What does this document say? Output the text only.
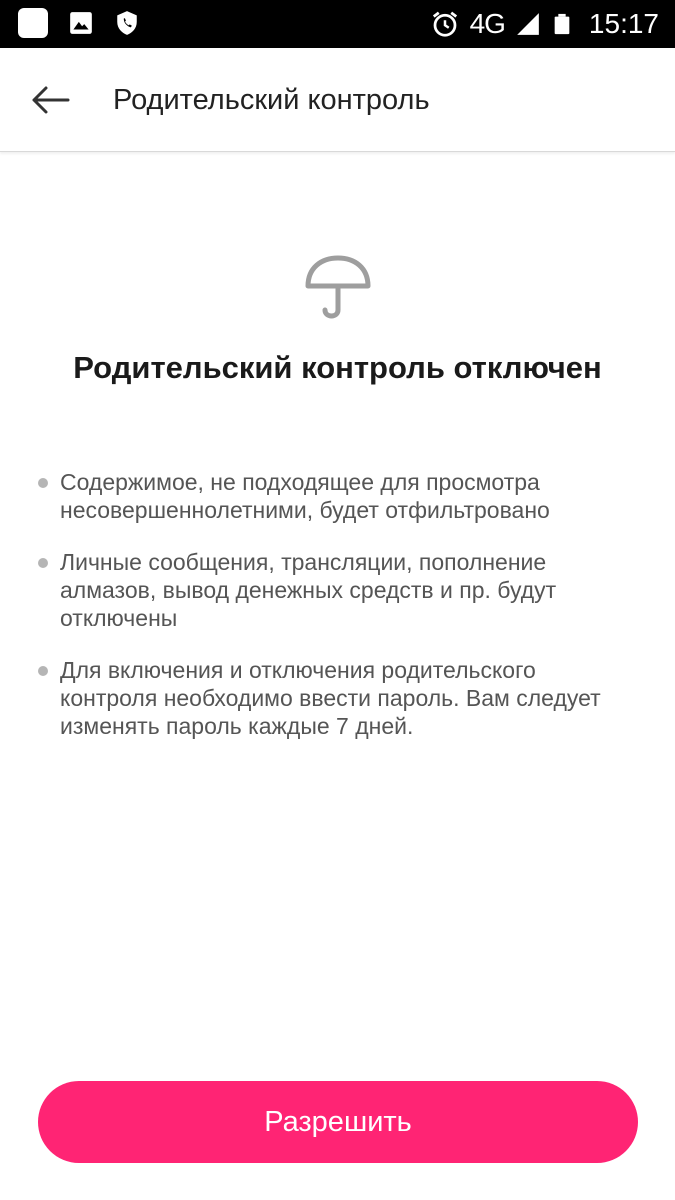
4G	15:17
Родительский контроль
Родительский контроль отключен
Содержимое, не подходящее для просмотра несовершеннолетними, будет отфильтровано
Личные сообщения, трансляции, пополнение алмазов, вывод денежных средств и пр. будут отключены
Для включения и отключения родительского контроля необходимо ввести пароль. Вам следует изменять пароль каждые 7 дней.
Разрешить
